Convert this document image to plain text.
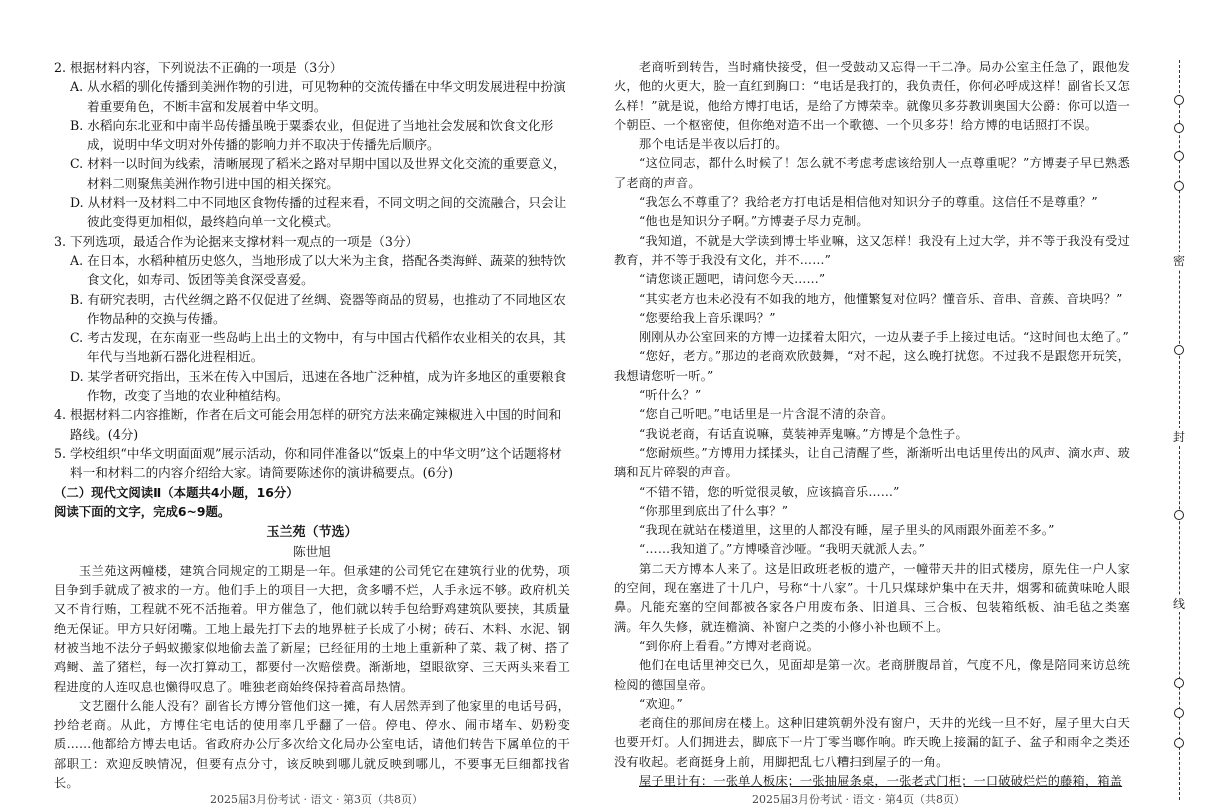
2. 根据材料内容，下列说法不正确的一项是（3分）

A. 从水稻的驯化传播到美洲作物的引进，可见物种的交流传播在中华文明发展进程中扮演着重要角色，不断丰富和发展着中华文明。

B. 水稻向东北亚和中南半岛传播虽晚于粟黍农业，但促进了当地社会发展和饮食文化形成，说明中华文明对外传播的影响力并不取决于传播先后顺序。

C. 材料一以时间为线索，清晰展现了稻米之路对早期中国以及世界文化交流的重要意义，材料二则聚焦美洲作物引进中国的相关探究。

D. 从材料一及材料二中不同地区食物传播的过程来看，不同文明之间的交流融合，只会让彼此变得更加相似，最终趋向单一文化模式。

3. 下列选项，最适合作为论据来支撑材料一观点的一项是（3分）

A. 在日本，水稻种植历史悠久，当地形成了以大米为主食，搭配各类海鲜、蔬菜的独特饮食文化，如寿司、饭团等美食深受喜爱。

B. 有研究表明，古代丝绸之路不仅促进了丝绸、瓷器等商品的贸易，也推动了不同地区农作物品种的交换与传播。

C. 考古发现，在东南亚一些岛屿上出土的文物中，有与中国古代稻作农业相关的农具，其年代与当地新石器化进程相近。

D. 某学者研究指出，玉米在传入中国后，迅速在各地广泛种植，成为许多地区的重要粮食作物，改变了当地的农业种植结构。

4. 根据材料二内容推断，作者在后文可能会用怎样的研究方法来确定辣椒进入中国的时间和路线。(4分)

5. 学校组织“中华文明面面观”展示活动，你和同伴准备以“饭桌上的中华文明”这个话题将材料一和材料二的内容介绍给大家。请简要陈述你的演讲稿要点。(6分)

（二）现代文阅读Ⅱ（本题共4小题，16分）

阅读下面的文字，完成6~9题。

玉兰苑（节选）

陈世旭

玉兰苑这两幢楼，建筑合同规定的工期是一年。但承建的公司凭它在建筑行业的优势，项目争到手就成了被求的一方。他们手上的项目一大把，贪多嚼不烂，人手永远不够。政府机关又不肯行贿，工程就不死不活拖着。甲方催急了，他们就以转手包给野鸡建筑队要挟，其质量绝无保证。甲方只好闭嘴。工地上最先打下去的地界桩子长成了小树；砖石、木料、水泥、钢材被当地不法分子蚂蚁搬家似地偷去盖了新屋；已经征用的土地上重新种了菜、栽了树、搭了鸡鲥、盖了猪栏，每一次打算动工，都要付一次赔偿费。渐渐地，望眼欲穿、三天两头来看工程进度的人连叹息也懒得叹息了。唯独老商始终保持着高昂热情。

文艺圈什么能人没有？副省长方博分管他们这一摊，有人居然弄到了他家里的电话号码，抄给老商。从此，方博住宅电话的使用率几乎翻了一倍。停电、停水、闹市堵车、奶粉变质……他都给方博去电话。省政府办公厅多次给文化局办公室电话，请他们转告下属单位的干部职工：欢迎反映情况，但要有点分寸，该反映到哪儿就反映到哪儿，不要事无巨细都找省长。

老商听到转告，当时痛快接受，但一受鼓动又忘得一干二净。局办公室主任急了，跟他发火，他的火更大，脸一直红到胸口：“电话是我打的，我负责任，你何必呼成这样！副省长又怎么样！”就是说，他给方博打电话，是给了方博荣幸。就像贝多芬教训奥国大公爵：你可以造一个朝臣、一个枢密使，但你绝对造不出一个歌德、一个贝多芬！给方博的电话照打不误。

那个电话是半夜以后打的。

“这位同志，都什么时候了！怎么就不考虑考虑该给别人一点尊重呢？”方博妻子早已熟悉了老商的声音。

“我怎么不尊重了？我给老方打电话是相信他对知识分子的尊重。这信任不是尊重？”

“他也是知识分子啊。”方博妻子尽力克制。

“我知道，不就是大学读到博士毕业嘛，这又怎样！我没有上过大学，并不等于我没有受过教育，并不等于我没有文化，并不……”

“请您谈正题吧，请问您今天……”

“其实老方也未必没有不如我的地方，他懂繁复对位吗？懂音乐、音串、音蔟、音块吗？”

“您要给我上音乐课吗？”

刚刚从办公室回来的方博一边揉着太阳穴，一边从妻子手上接过电话。“这时间也太绝了。”

“您好，老方。”那边的老商欢欣鼓舞，“对不起，这么晚打扰您。不过我不是跟您开玩笑，我想请您听一听。”

“听什么？”

“您自己听吧。”电话里是一片含混不清的杂音。

“我说老商，有话直说嘛，莫装神弄鬼嘛。”方博是个急性子。

“您耐烦些。”方博用力揉揉头，让自己清醒了些，渐渐听出电话里传出的风声、滴水声、玻璃和瓦片碎裂的声音。

“不错不错，您的听觉很灵敏，应该搞音乐……”

“你那里到底出了什么事？”

“我现在就站在楼道里，这里的人都没有睡，屋子里头的风雨跟外面差不多。”

“……我知道了。”方博嗓音沙哑。“我明天就派人去。”

第二天方博本人来了。这是旧政班老板的遗产，一幢带天井的旧式楼房，原先住一户人家的空间，现在塞进了十几户，号称“十八家”。十几只煤球炉集中在天井，烟雾和硫黄味呛人眼鼻。凡能充塞的空间都被各家各户用废布条、旧道具、三合板、包装箱纸板、油毛毡之类塞满。年久失修，就连檐滴、补窗户之类的小修小补也顾不上。

“到你府上看看。”方博对老商说。

他们在电话里神交已久，见面却是第一次。老商胼腹昂首，气度不凡，像是陪同来访总统检阅的德国皇帝。

“欢迎。”

老商住的那间房在楼上。这种旧建筑朝外没有窗户，天井的光线一旦不好，屋子里大白天也要开灯。人们拥进去，脚底下一片丁零当啷作响。昨天晚上接漏的缸子、盆子和雨伞之类还没有收起。老商挺身上前，用脚把乱七八糟扫到屋子的一角。

屋子里计有：一张单人板床；一张抽屉条桌，一张老式门柜；一口破破烂烂的藤箱，箱盖

密
封
线
2025届3月份考试 · 语文 · 第3页（共8页）	2025届3月份考试 · 语文 · 第4页（共8页）
